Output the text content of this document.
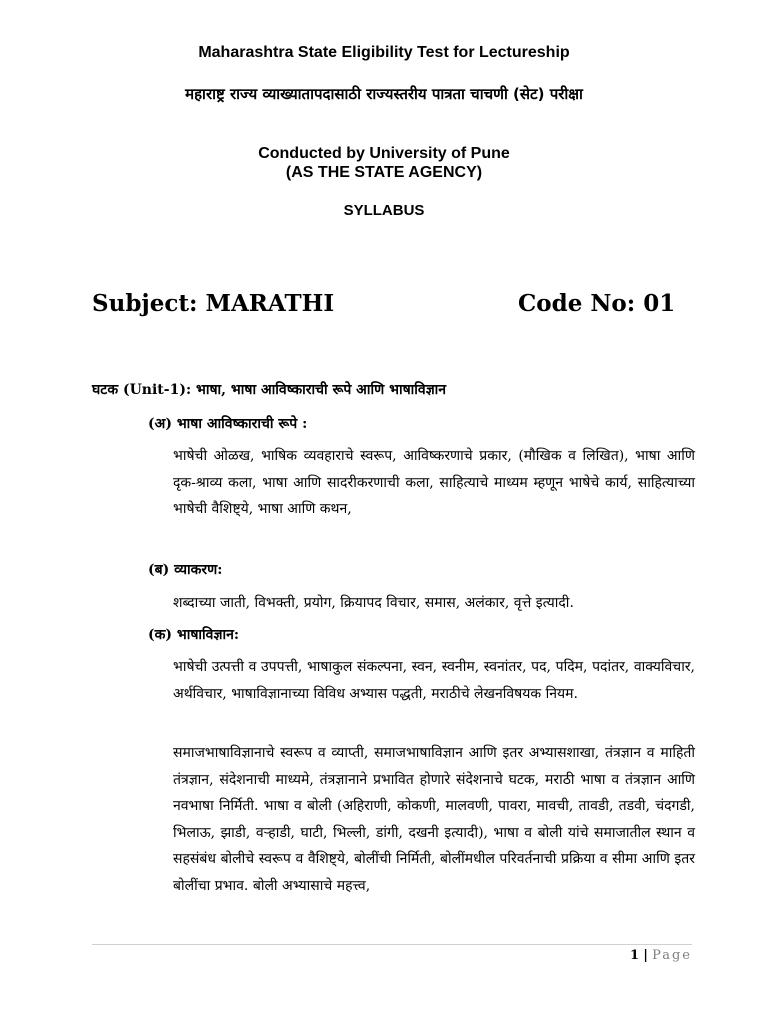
Maharashtra State Eligibility Test for Lectureship
महाराष्ट्र राज्य व्याख्यातापदासाठी राज्यस्तरीय पात्रता चाचणी (सेट) परीक्षा
Conducted by University of Pune
(AS THE STATE AGENCY)
SYLLABUS
Subject: MARATHI	Code No: 01
घटक (Unit-1): भाषा, भाषा आविष्काराची रूपे आणि भाषाविज्ञान
(अ) भाषा आविष्काराची रूपे :
भाषेची ओळख, भाषिक व्यवहाराचे स्वरूप, आविष्करणाचे प्रकार, (मौखिक व लिखित), भाषा आणि दृक-श्राव्य कला, भाषा आणि सादरीकरणाची कला, साहित्याचे माध्यम म्हणून भाषेचे कार्य, साहित्याच्या भाषेची वैशिष्ट्ये, भाषा आणि कथन,
(ब) व्याकरण:
शब्दाच्या जाती, विभक्ती, प्रयोग, क्रियापद विचार, समास, अलंकार, वृत्ते इत्यादी.
(क) भाषाविज्ञान:
भाषेची उत्पत्ती व उपपत्ती, भाषाकुल संकल्पना, स्वन, स्वनीम, स्वनांतर, पद, पदिम, पदांतर, वाक्यविचार, अर्थविचार, भाषाविज्ञानाच्या विविध अभ्यास पद्धती, मराठीचे लेखनविषयक नियम.
समाजभाषाविज्ञानाचे स्वरूप व व्याप्ती, समाजभाषाविज्ञान आणि इतर अभ्यासशाखा, तंत्रज्ञान व माहिती तंत्रज्ञान, संदेशनाची माध्यमे, तंत्रज्ञानाने प्रभावित होणारे संदेशनाचे घटक, मराठी भाषा व तंत्रज्ञान आणि नवभाषा निर्मिती. भाषा व बोली (अहिराणी, कोकणी, मालवणी, पावरा, मावची, तावडी, तडवी, चंदगडी, भिलाऊ, झाडी, वऱ्हाडी, घाटी, भिल्ली, डांगी, दखनी इत्यादी), भाषा व बोली यांचे समाजातील स्थान व सहसंबंध बोलीचे स्वरूप व वैशिष्ट्ये, बोलींची निर्मिती, बोलींमधील परिवर्तनाची प्रक्रिया व सीमा आणि इतर बोलींचा प्रभाव. बोली अभ्यासाचे महत्त्व,
1 | Page
